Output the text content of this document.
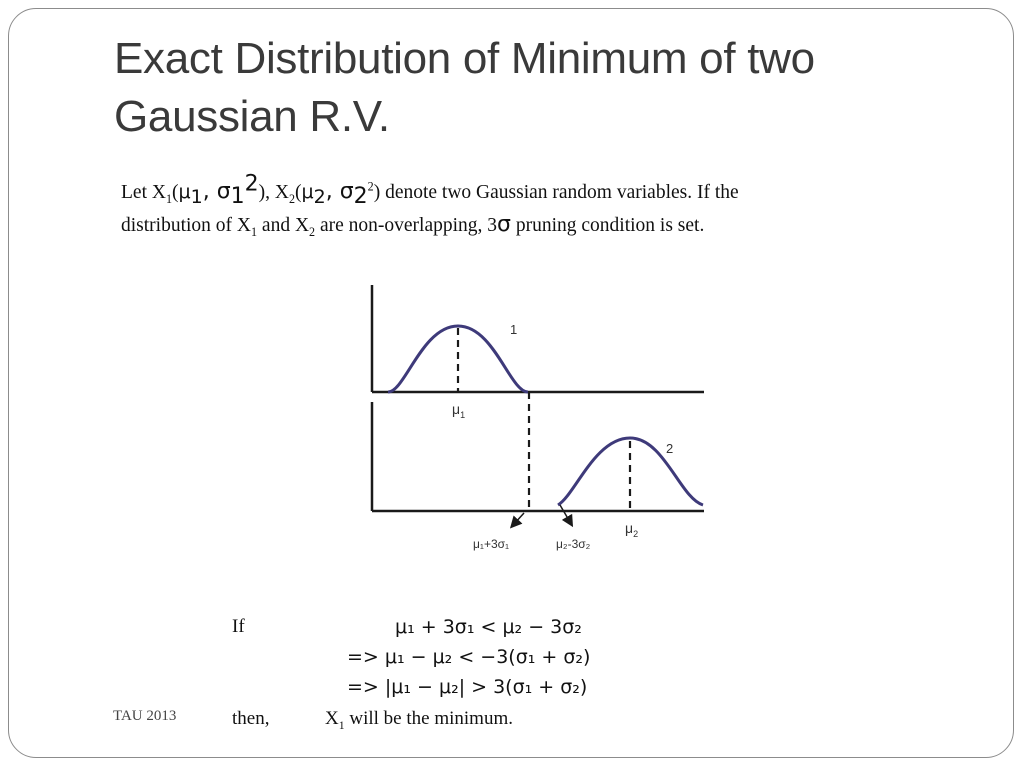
Exact Distribution of Minimum of two
Gaussian R.V.
Let $X_1(\mu_1$, $\sigma_1^2$), $X_2(\mu_2$, $\sigma_2^2$) denote two Gaussian random variables. If the
distribution of $X_1$ and $X_2$ are non-overlapping, 3σ pruning condition is set.
1
$\mu_1$
2
$\mu_2$
μ₁+3σ₁	μ₂-3σ₂
If	μ₁ + 3σ₁ < μ₂ − 3σ₂
=> μ₁ − μ₂ < −3(σ₁ + σ₂)
=> |μ₁ − μ₂| > 3(σ₁ + σ₂)
then,	$X_1$ will be the minimum.
TAU 2013
